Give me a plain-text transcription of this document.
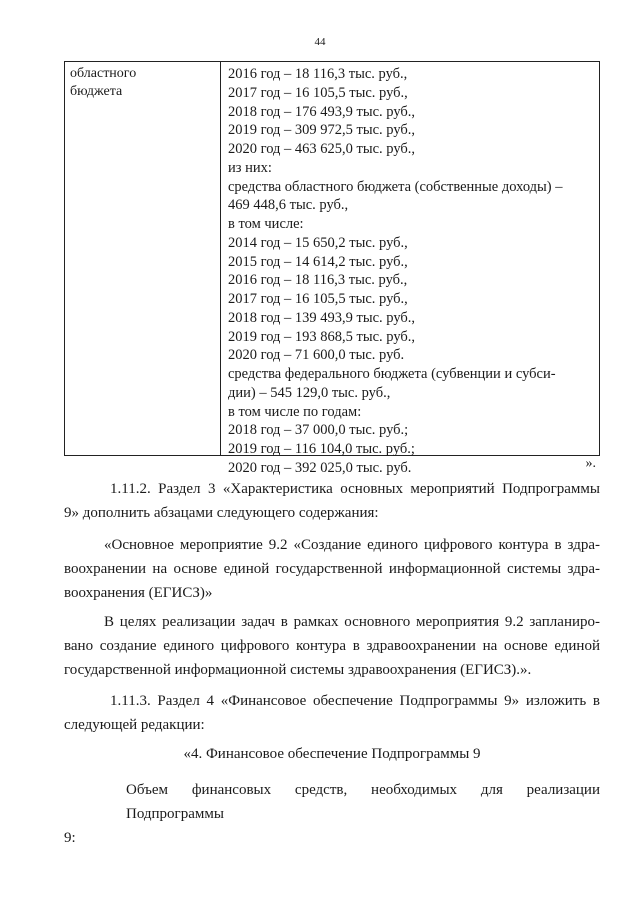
44
областного
бюджета
2016 год – 18 116,3 тыс. руб.,
2017 год – 16 105,5 тыс. руб.,
2018 год – 176 493,9 тыс. руб.,
2019 год – 309 972,5 тыс. руб.,
2020 год – 463 625,0 тыс. руб.,
из них:
средства областного бюджета (собственные доходы) –
469 448,6 тыс. руб.,
в том числе:
2014 год – 15 650,2 тыс. руб.,
2015 год – 14 614,2 тыс. руб.,
2016 год – 18 116,3 тыс. руб.,
2017 год – 16 105,5 тыс. руб.,
2018 год – 139 493,9 тыс. руб.,
2019 год – 193 868,5 тыс. руб.,
2020 год – 71 600,0 тыс. руб.
средства федерального бюджета (субвенции и субси-
дии) – 545 129,0 тыс. руб.,
в том числе по годам:
2018 год – 37 000,0 тыс. руб.;
2019 год – 116 104,0 тыс. руб.;
2020 год – 392 025,0 тыс. руб.	».
1.11.2. Раздел 3 «Характеристика основных мероприятий Подпрограммы
9» дополнить абзацами следующего содержания:
«Основное мероприятие 9.2 «Создание единого цифрового контура в здра-
воохранении на основе единой государственной информационной системы здра-
воохранения (ЕГИСЗ)»
В целях реализации задач в рамках основного мероприятия 9.2 запланиро-
вано создание единого цифрового контура в здравоохранении на основе единой
государственной информационной системы здравоохранения (ЕГИСЗ).».
1.11.3. Раздел 4 «Финансовое обеспечение Подпрограммы 9» изложить в
следующей редакции:
«4. Финансовое обеспечение Подпрограммы 9
Объем финансовых средств, необходимых для реализации Подпрограммы
9:
